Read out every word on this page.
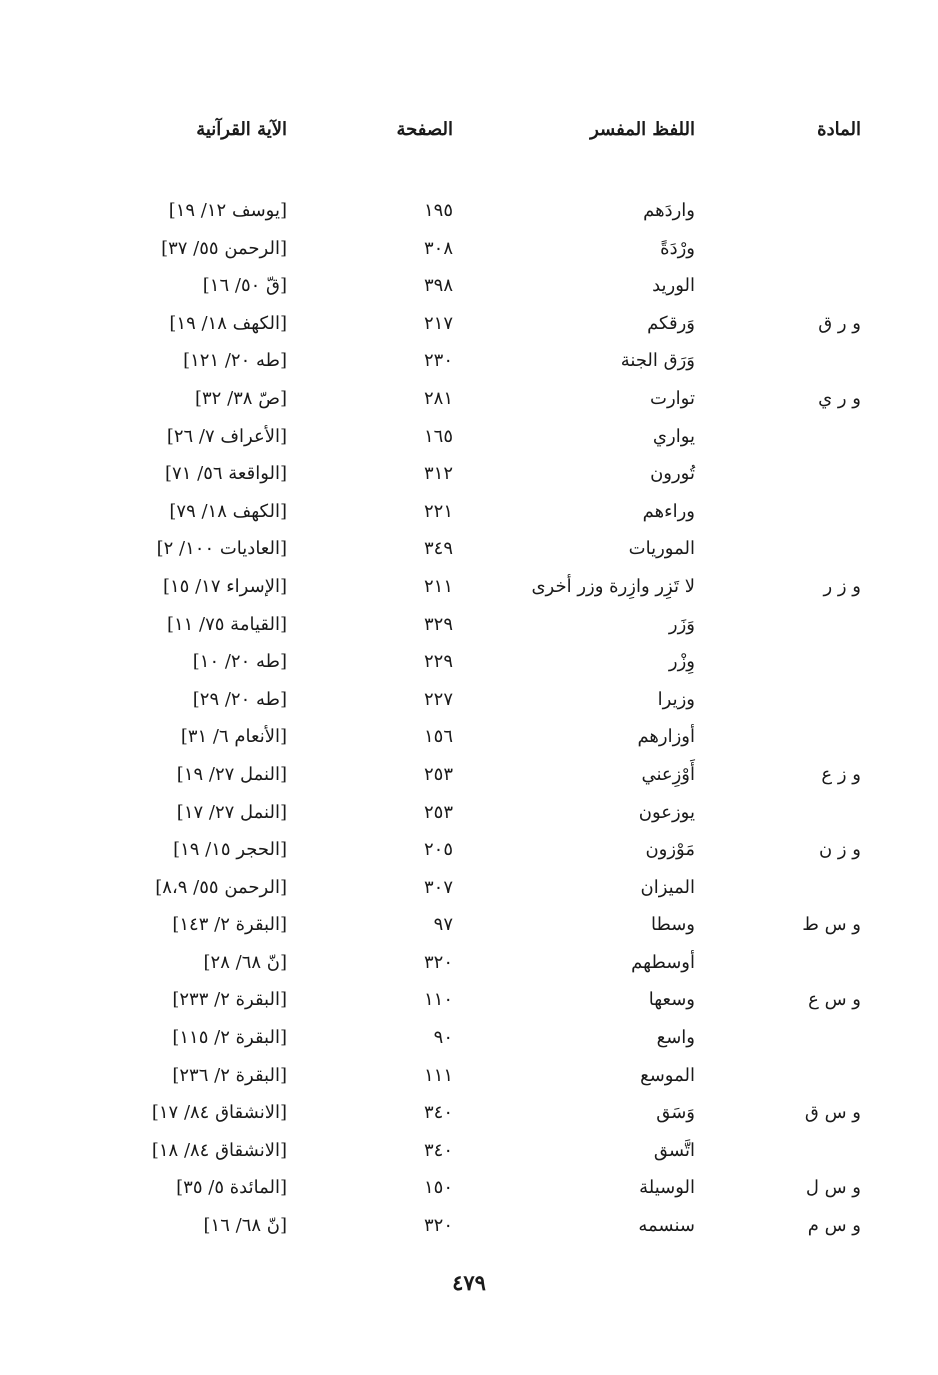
المادة
اللفظ المفسر
الصفحة
الآية القرآنية
واردَهم
١٩٥
[يوسف ١٢/ ١٩]
ورْدَةً
٣٠٨
[الرحمن ٥٥/ ٣٧]
الوريد
٣٩٨
[قّ ٥٠/ ١٦]
و ر ق
وَرقكم
٢١٧
[الكهف ١٨/ ١٩]
وَرَق الجنة
٢٣٠
[طه ٢٠/ ١٢١]
و ر ي
توارت
٢٨١
[صّ ٣٨/ ٣٢]
يواري
١٦٥
[الأعراف ٧/ ٢٦]
تُورون
٣١٢
[الواقعة ٥٦/ ٧١]
وراءهم
٢٢١
[الكهف ١٨/ ٧٩]
الموريات
٣٤٩
[العاديات ١٠٠/ ٢]
و ز ر
لا تَزِر وازِرة وزر أخرى
٢١١
[الإسراء ١٧/ ١٥]
وَزَر
٣٢٩
[القيامة ٧٥/ ١١]
وِزْر
٢٢٩
[طه ٢٠/ ١٠]
وزيرا
٢٢٧
[طه ٢٠/ ٢٩]
أوزارهم
١٥٦
[الأنعام ٦/ ٣١]
و ز ع
أَوْزِعني
٢٥٣
[النمل ٢٧/ ١٩]
يوزعون
٢٥٣
[النمل ٢٧/ ١٧]
و ز ن
مَوْزون
٢٠٥
[الحجر ١٥/ ١٩]
الميزان
٣٠٧
[الرحمن ٥٥/ ٨،٩]
و س ط
وسطا
٩٧
[البقرة ٢/ ١٤٣]
أوسطهم
٣٢٠
[نّ ٦٨/ ٢٨]
و س ع
وسعها
١١٠
[البقرة ٢/ ٢٣٣]
واسع
٩٠
[البقرة ٢/ ١١٥]
الموسع
١١١
[البقرة ٢/ ٢٣٦]
و س ق
وَسَق
٣٤٠
[الانشقاق ٨٤/ ١٧]
اتَّسق
٣٤٠
[الانشقاق ٨٤/ ١٨]
و س ل
الوسيلة
١٥٠
[المائدة ٥/ ٣٥]
و س م
سنسمه
٣٢٠
[نّ ٦٨/ ١٦]
٤٧٩
